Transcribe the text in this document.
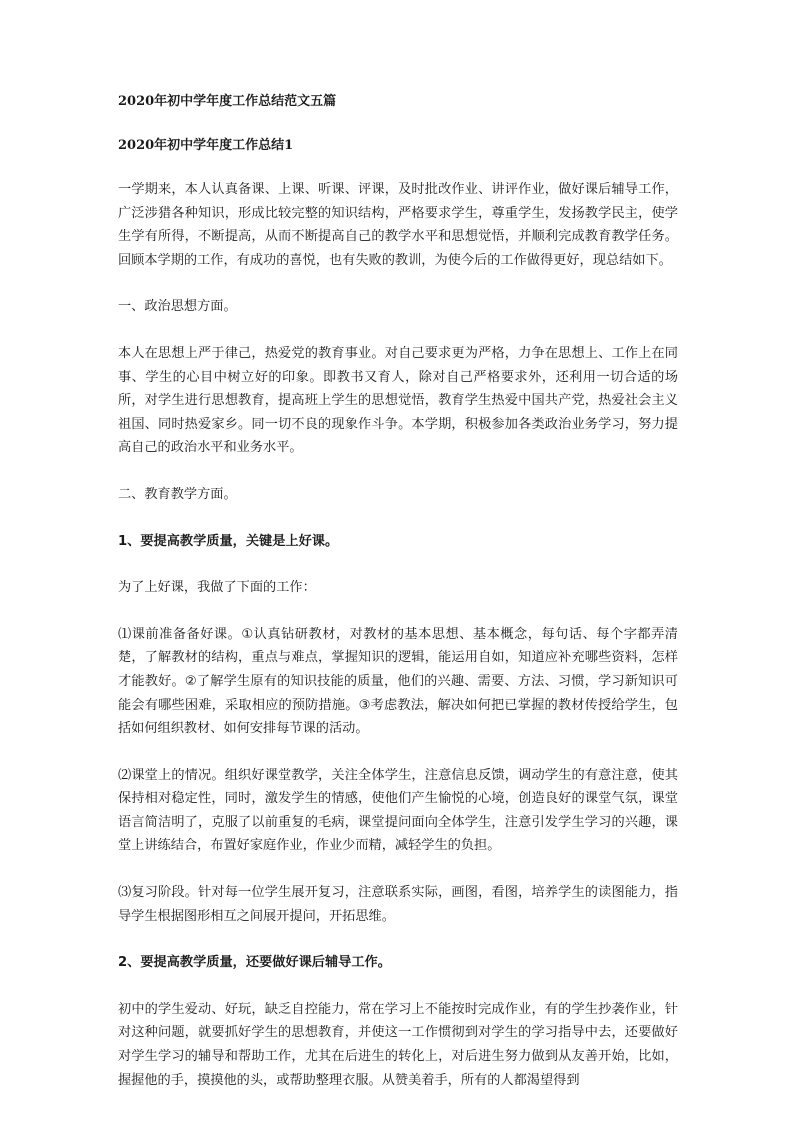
2020年初中学年度工作总结范文五篇

2020年初中学年度工作总结1

一学期来，本人认真备课、上课、听课、评课，及时批改作业、讲评作业，做好课后辅导工作，广泛涉猎各种知识，形成比较完整的知识结构，严格要求学生，尊重学生，发扬教学民主，使学生学有所得，不断提高，从而不断提高自己的教学水平和思想觉悟，并顺利完成教育教学任务。回顾本学期的工作，有成功的喜悦，也有失败的教训，为使今后的工作做得更好，现总结如下。

一、政治思想方面。

本人在思想上严于律己，热爱党的教育事业。对自己要求更为严格，力争在思想上、工作上在同事、学生的心目中树立好的印象。即教书又育人，除对自己严格要求外，还利用一切合适的场所，对学生进行思想教育，提高班上学生的思想觉悟，教育学生热爱中国共产党，热爱社会主义祖国、同时热爱家乡。同一切不良的现象作斗争。本学期，积极参加各类政治业务学习，努力提高自己的政治水平和业务水平。

二、教育教学方面。

1、要提高教学质量，关键是上好课。

为了上好课，我做了下面的工作：

⑴课前准备备好课。①认真钻研教材，对教材的基本思想、基本概念，每句话、每个字都弄清楚，了解教材的结构，重点与难点，掌握知识的逻辑，能运用自如，知道应补充哪些资料，怎样才能教好。②了解学生原有的知识技能的质量，他们的兴趣、需要、方法、习惯，学习新知识可能会有哪些困难，采取相应的预防措施。③考虑教法，解决如何把已掌握的教材传授给学生，包括如何组织教材、如何安排每节课的活动。

⑵课堂上的情况。组织好课堂教学，关注全体学生，注意信息反馈，调动学生的有意注意，使其保持相对稳定性，同时，激发学生的情感，使他们产生愉悦的心境，创造良好的课堂气氛，课堂语言简洁明了，克服了以前重复的毛病，课堂提问面向全体学生，注意引发学生学习的兴趣，课堂上讲练结合，布置好家庭作业，作业少而精，减轻学生的负担。

⑶复习阶段。针对每一位学生展开复习，注意联系实际，画图，看图，培养学生的读图能力，指导学生根据图形相互之间展开提问，开拓思维。

2、要提高教学质量，还要做好课后辅导工作。

初中的学生爱动、好玩，缺乏自控能力，常在学习上不能按时完成作业，有的学生抄袭作业，针对这种问题，就要抓好学生的思想教育，并使这一工作惯彻到对学生的学习指导中去，还要做好对学生学习的辅导和帮助工作，尤其在后进生的转化上，对后进生努力做到从友善开始，比如，握握他的手，摸摸他的头，或帮助整理衣服。从赞美着手，所有的人都渴望得到
